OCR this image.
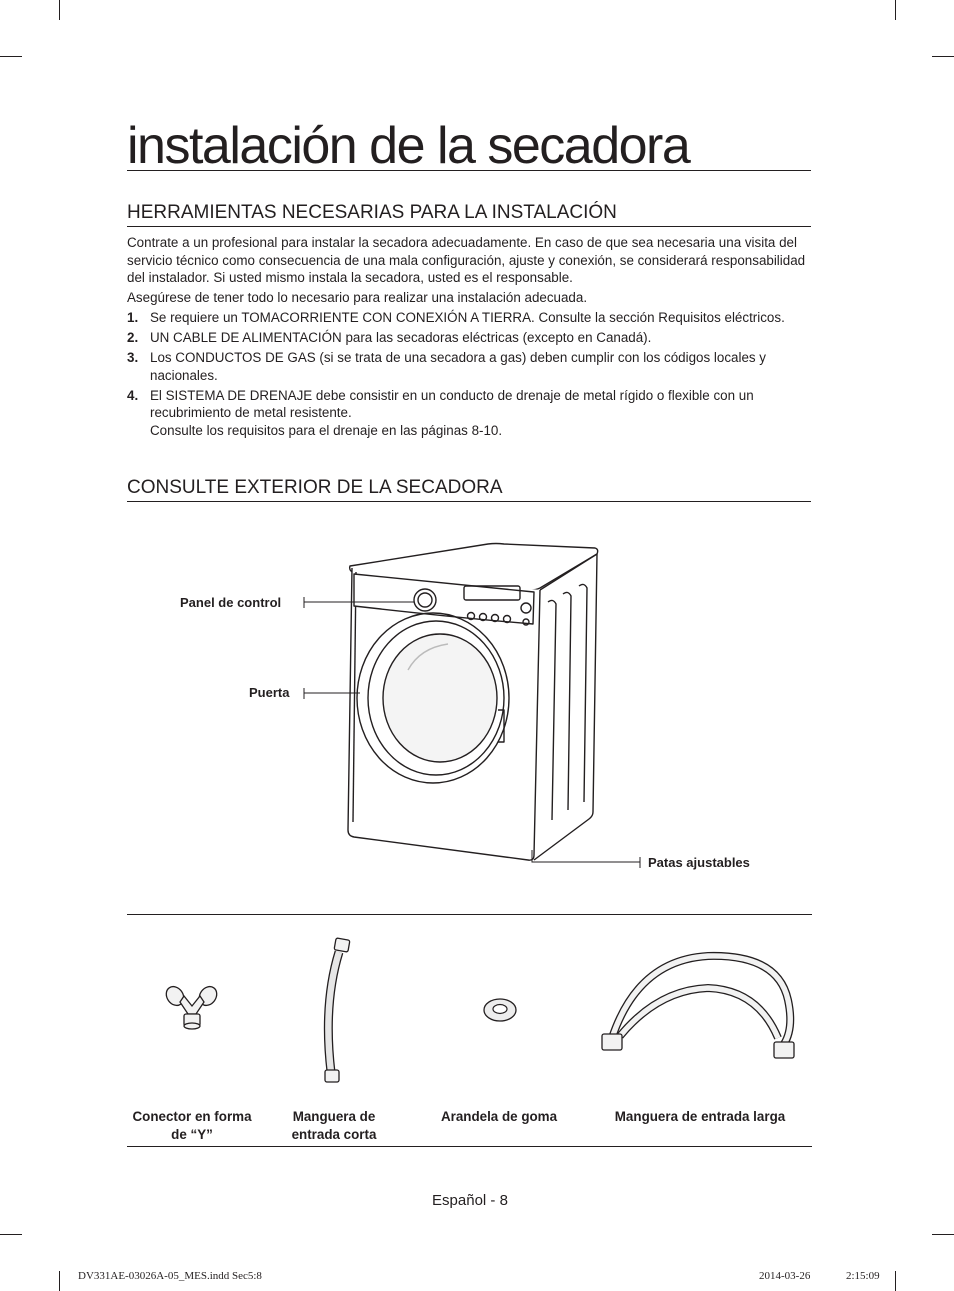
instalación de la secadora
HERRAMIENTAS NECESARIAS PARA LA INSTALACIÓN

Contrate a un profesional para instalar la secadora adecuadamente. En caso de que sea necesaria una visita del servicio técnico como consecuencia de una mala configuración, ajuste y conexión, se considerará responsabilidad del instalador. Si usted mismo instala la secadora, usted es el responsable.

Asegúrese de tener todo lo necesario para realizar una instalación adecuada.

1. Se requiere un TOMACORRIENTE CON CONEXIÓN A TIERRA. Consulte la sección Requisitos eléctricos.
2. UN CABLE DE ALIMENTACIÓN para las secadoras eléctricas (excepto en Canadá).
3. Los CONDUCTOS DE GAS (si se trata de una secadora a gas) deben cumplir con los códigos locales y nacionales.
4. El SISTEMA DE DRENAJE debe consistir en un conducto de drenaje de metal rígido o flexible con un recubrimiento de metal resistente.
Consulte los requisitos para el drenaje en las páginas 8-10.
CONSULTE EXTERIOR DE LA SECADORA
Panel de control
Puerta
Patas ajustables
Conector en forma de “Y”
Manguera de entrada corta
Arandela de goma	Manguera de entrada larga
Español - 8
DV331AE-03026A-05_MES.indd Sec5:8	2014-03-26	2:15:09
